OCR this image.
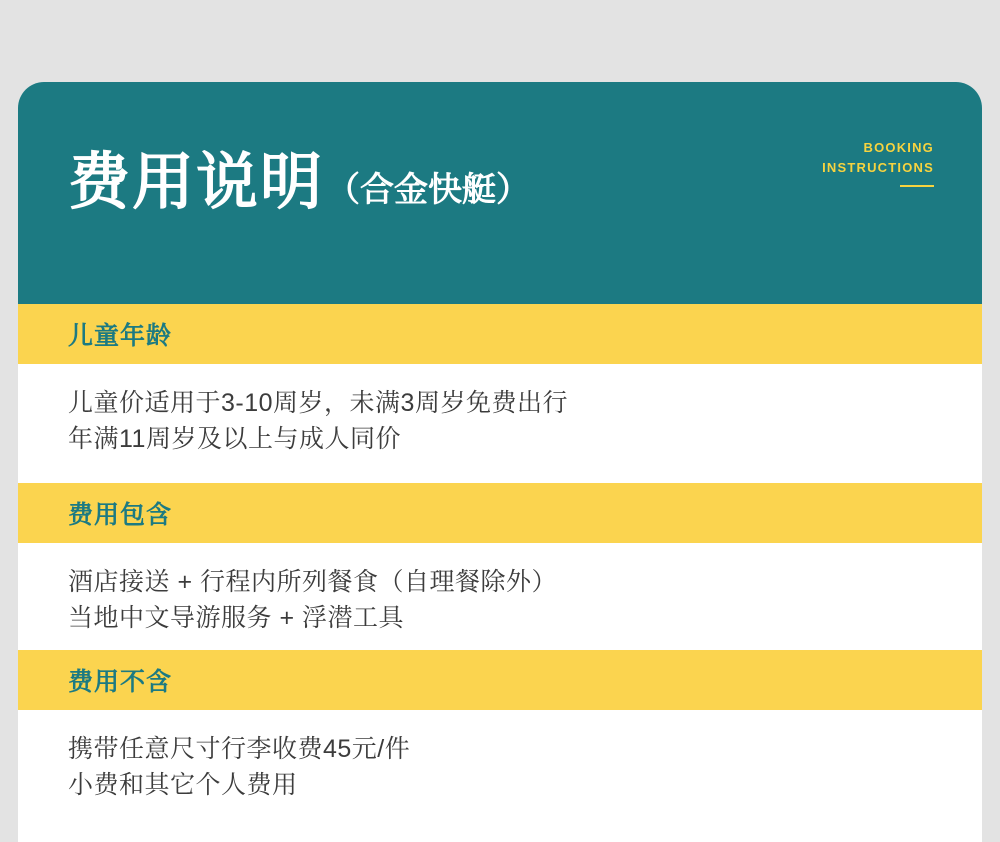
费用说明 （合金快艇）
BOOKING
INSTRUCTIONS
儿童年龄

儿童价适用于3-10周岁，未满3周岁免费出行

年满11周岁及以上与成人同价

费用包含

酒店接送 + 行程内所列餐食（自理餐除外）

当地中文导游服务 + 浮潜工具

费用不含

携带任意尺寸行李收费45元/件

小费和其它个人费用
